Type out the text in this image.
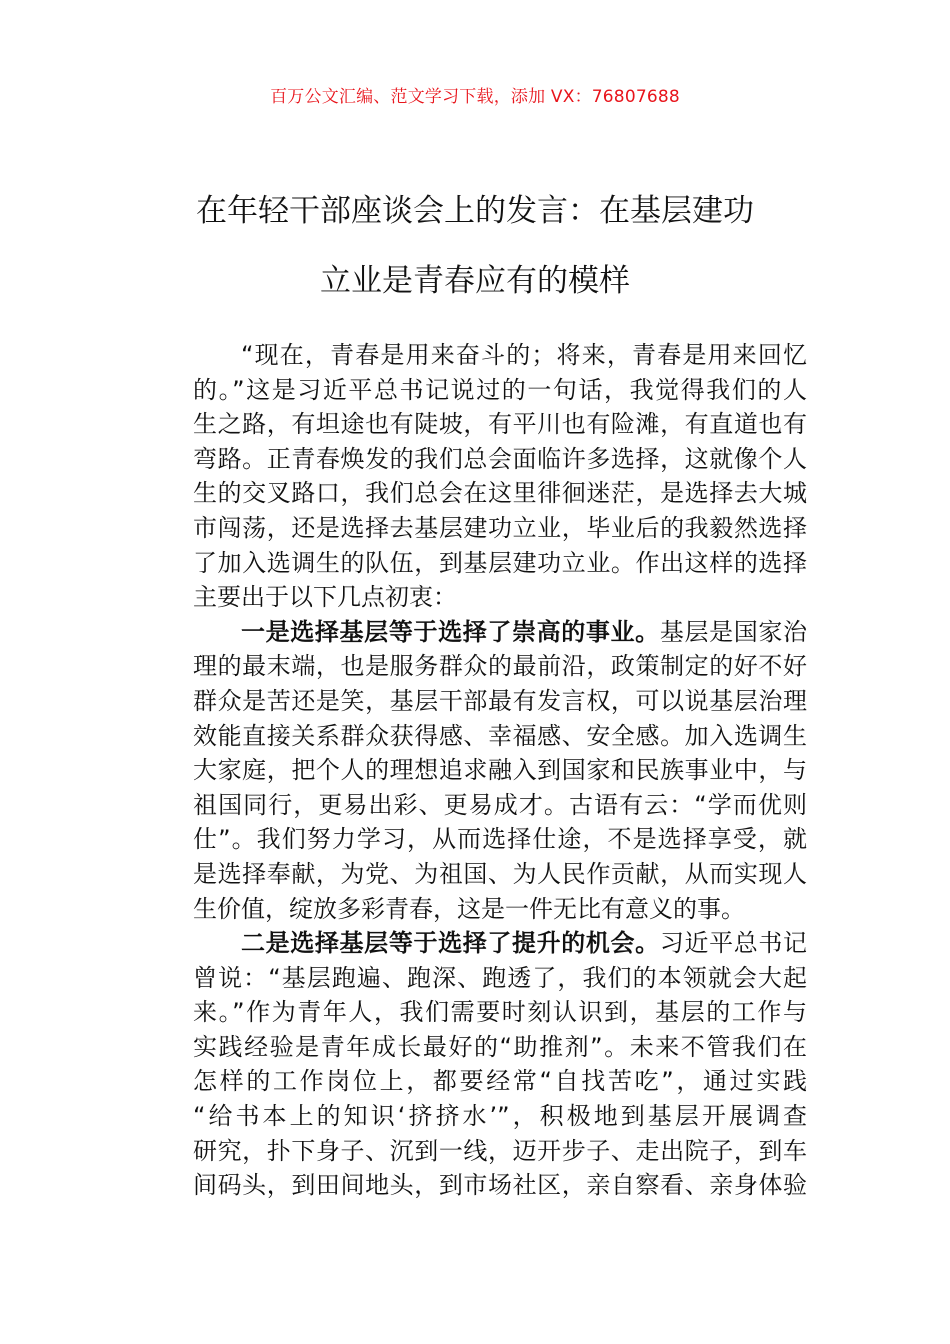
百万公文汇编、范文学习下载，添加 VX：76807688
在年轻干部座谈会上的发言：在基层建功
立业是青春应有的模样
“现在，青春是用来奋斗的；将来，青春是用来回忆
的。”这是习近平总书记说过的一句话，我觉得我们的人
生之路，有坦途也有陡坡，有平川也有险滩，有直道也有
弯路。正青春焕发的我们总会面临许多选择，这就像个人
生的交叉路口，我们总会在这里徘徊迷茫，是选择去大城
市闯荡，还是选择去基层建功立业，毕业后的我毅然选择
了加入选调生的队伍，到基层建功立业。作出这样的选择
主要出于以下几点初衷：
一是选择基层等于选择了崇高的事业。基层是国家治
理的最末端，也是服务群众的最前沿，政策制定的好不好
群众是苦还是笑，基层干部最有发言权，可以说基层治理
效能直接关系群众获得感、幸福感、安全感。加入选调生
大家庭，把个人的理想追求融入到国家和民族事业中，与
祖国同行，更易出彩、更易成才。古语有云：“学而优则
仕”。我们努力学习，从而选择仕途，不是选择享受，就
是选择奉献，为党、为祖国、为人民作贡献，从而实现人
生价值，绽放多彩青春，这是一件无比有意义的事。
二是选择基层等于选择了提升的机会。习近平总书记
曾说：“基层跑遍、跑深、跑透了，我们的本领就会大起
来。”作为青年人，我们需要时刻认识到，基层的工作与
实践经验是青年成长最好的“助推剂”。未来不管我们在
怎样的工作岗位上，都要经常“自找苦吃”，通过实践
“给书本上的知识‘挤挤水’”，积极地到基层开展调查
研究，扑下身子、沉到一线，迈开步子、走出院子，到车
间码头，到田间地头，到市场社区，亲自察看、亲身体验
